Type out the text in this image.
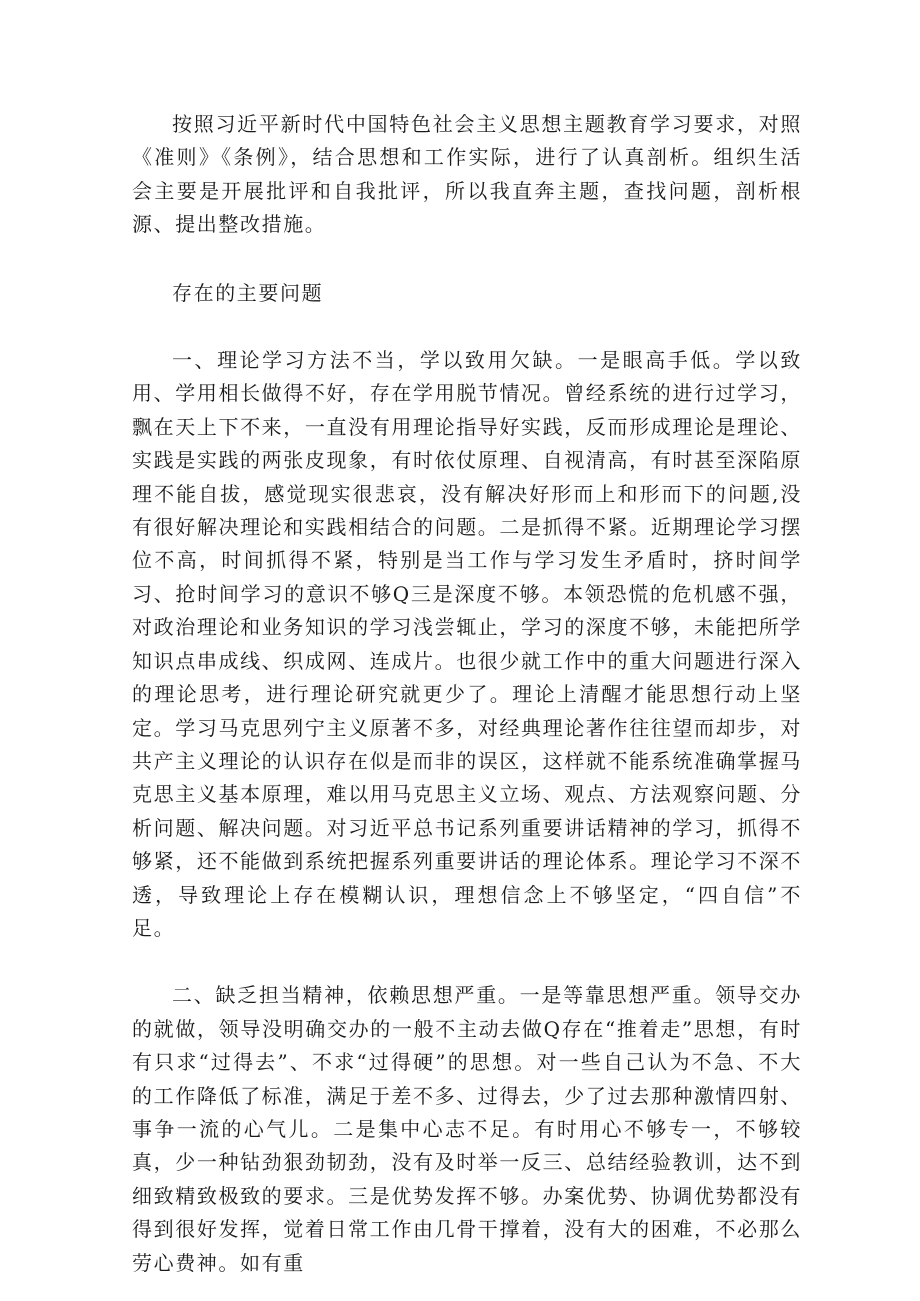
按照习近平新时代中国特色社会主义思想主题教育学习要求，对照《准则》《条例》，结合思想和工作实际，进行了认真剖析。组织生活会主要是开展批评和自我批评，所以我直奔主题，查找问题，剖析根源、提出整改措施。

存在的主要问题

一、理论学习方法不当，学以致用欠缺。一是眼高手低。学以致用、学用相长做得不好，存在学用脱节情况。曾经系统的进行过学习，飘在天上下不来，一直没有用理论指导好实践，反而形成理论是理论、实践是实践的两张皮现象，有时依仗原理、自视清高，有时甚至深陷原理不能自拔，感觉现实很悲哀，没有解决好形而上和形而下的问题,没有很好解决理论和实践相结合的问题。二是抓得不紧。近期理论学习摆位不高，时间抓得不紧，特别是当工作与学习发生矛盾时，挤时间学习、抢时间学习的意识不够Q三是深度不够。本领恐慌的危机感不强，对政治理论和业务知识的学习浅尝辄止，学习的深度不够，未能把所学知识点串成线、织成网、连成片。也很少就工作中的重大问题进行深入的理论思考，进行理论研究就更少了。理论上清醒才能思想行动上坚定。学习马克思列宁主义原著不多，对经典理论著作往往望而却步，对共产主义理论的认识存在似是而非的误区，这样就不能系统准确掌握马克思主义基本原理，难以用马克思主义立场、观点、方法观察问题、分析问题、解决问题。对习近平总书记系列重要讲话精神的学习，抓得不够紧，还不能做到系统把握系列重要讲话的理论体系。理论学习不深不透，导致理论上存在模糊认识，理想信念上不够坚定，“四自信”不足。

二、缺乏担当精神，依赖思想严重。一是等靠思想严重。领导交办的就做，领导没明确交办的一般不主动去做Q存在“推着走”思想，有时有只求“过得去”、不求“过得硬”的思想。对一些自己认为不急、不大的工作降低了标准，满足于差不多、过得去，少了过去那种激情四射、事争一流的心气儿。二是集中心志不足。有时用心不够专一，不够较真，少一种钻劲狠劲韧劲，没有及时举一反三、总结经验教训，达不到细致精致极致的要求。三是优势发挥不够。办案优势、协调优势都没有得到很好发挥，觉着日常工作由几骨干撑着，没有大的困难，不必那么劳心费神。如有重
